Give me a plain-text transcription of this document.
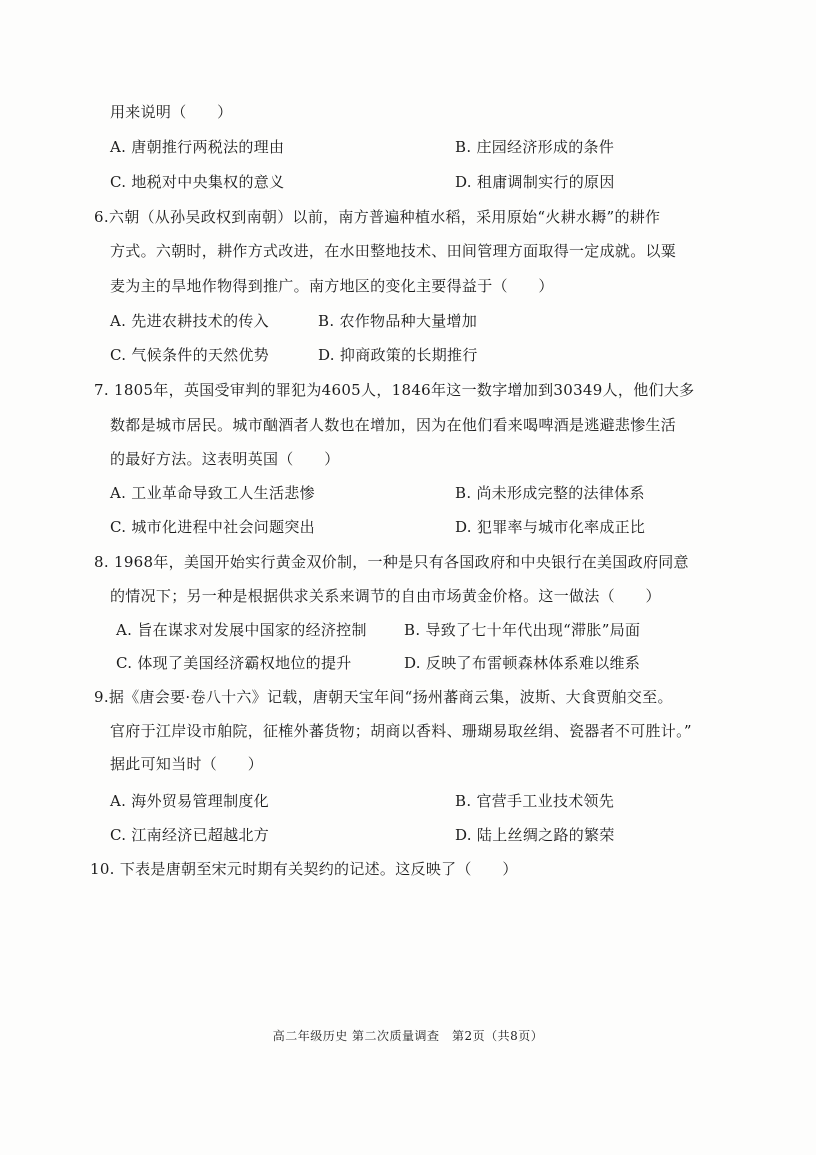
用来说明（　　）
A. 唐朝推行两税法的理由	B. 庄园经济形成的条件
C. 地税对中央集权的意义	D. 租庸调制实行的原因
6.六朝（从孙吴政权到南朝）以前，南方普遍种植水稻，采用原始“火耕水耨”的耕作
方式。六朝时，耕作方式改进，在水田整地技术、田间管理方面取得一定成就。以粟
麦为主的旱地作物得到推广。南方地区的变化主要得益于（　　）
A. 先进农耕技术的传入	B. 农作物品种大量增加
C. 气候条件的天然优势	D. 抑商政策的长期推行
7. 1805年，英国受审判的罪犯为4605人，1846年这一数字增加到30349人，他们大多
数都是城市居民。城市酗酒者人数也在增加，因为在他们看来喝啤酒是逃避悲惨生活
的最好方法。这表明英国（　　）
A. 工业革命导致工人生活悲惨	B. 尚未形成完整的法律体系
C. 城市化进程中社会问题突出	D. 犯罪率与城市化率成正比
8. 1968年，美国开始实行黄金双价制，一种是只有各国政府和中央银行在美国政府同意
的情况下；另一种是根据供求关系来调节的自由市场黄金价格。这一做法（　　）
A. 旨在谋求对发展中国家的经济控制 B. 导致了七十年代出现“滞胀”局面
C. 体现了美国经济霸权地位的提升	D. 反映了布雷顿森林体系难以维系
9.据《唐会要·卷八十六》记载，唐朝天宝年间“扬州蕃商云集，波斯、大食贾舶交至。
官府于江岸设市舶院，征榷外蕃货物；胡商以香料、珊瑚易取丝绢、瓷器者不可胜计。”
据此可知当时（　　）
A. 海外贸易管理制度化	B. 官营手工业技术领先
C. 江南经济已超越北方	D. 陆上丝绸之路的繁荣
10. 下表是唐朝至宋元时期有关契约的记述。这反映了（　　）
高二年级历史 第二次质量调查　第2页（共8页）
